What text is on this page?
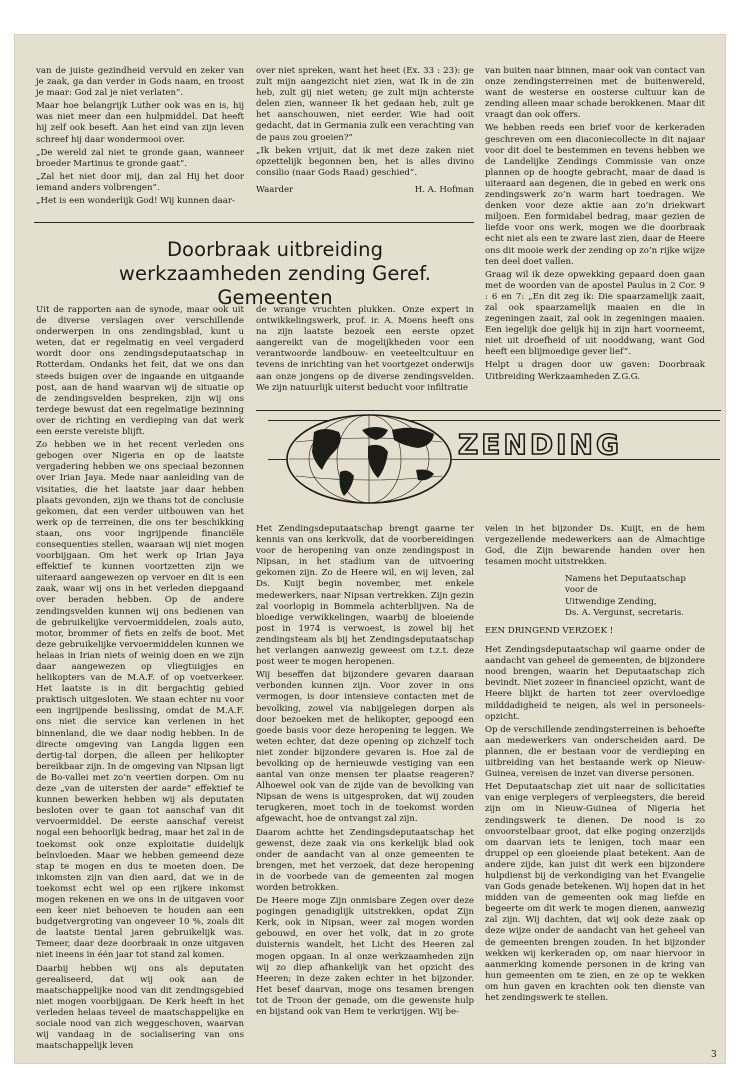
van de juiste gezindheid vervuld en zeker van je zaak, ga dan verder in Gods naam, en troost je maar: God zal je niet verlaten”.

Maar hoe belangrijk Luther ook was en is, hij was niet meer dan een hulpmiddel. Dat heeft hij zelf ook beseft. Aan het eind van zijn leven schreef hij daar wondermooi over.

„De wereld zal niet te gronde gaan, wanneer broeder Martinus te gronde gaat”.

„Zal het niet door mij, dan zal Hij het door iemand anders volbrengen”.

„Het is een wonderlijk God! Wij kunnen daar-

over niet spreken, want het heet (Ex. 33 : 23): ge zult mijn aangezicht niet zien, wat Ik in de zin heb, zult gij niet weten; ge zult mijn achterste delen zien, wanneer Ik het gedaan heb, zult ge het aanschouwen, niet eerder. Wie had ooit gedacht, dat in Germania zulk een verachting van de paus zou groeien?”

„Ik beken vrijuit, dat ik met deze zaken niet opzettelijk begonnen ben, het is alles divino consilio (naar Gods Raad) geschied”.

Waarder	H. A. Hofman

van buiten naar binnen, maar ook van contact van onze zendingsterreinen met de buitenwereld, want de westerse en oosterse cultuur kan de zending alleen maar schade berokkenen. Maar dit vraagt dan ook offers.

We hebben reeds een brief voor de kerkeraden geschreven om een diaconiecollecte in dit najaar voor dit doel te bestemmen en tevens hebben we de Landelijke Zendings Commissie van onze plannen op de hoogte gebracht, maar de daad is uiteraard aan degenen, die in gebed en werk ons zendingswerk zo’n warm hart toedragen. We denken voor deze aktie aan zo’n driekwart miljoen. Een formidabel bedrag, maar gezien de liefde voor ons werk, mogen we die doorbraak echt niet als een te zware last zien, daar de Heere ons dit mooie werk der zending op zo’n rijke wijze ten deel doet vallen.

Graag wil ik deze opwekking gepaard doen gaan met de woorden van de apostel Paulus in 2 Cor. 9 : 6 en 7: „En dit zeg ik: Die spaarzamelijk zaait, zal ook spaarzamelijk maaien en die in zegeningen zaait, zal ook in zegeningen maaien. Een iegelijk doe gelijk hij in zijn hart voorneemt, niet uit droefheid of uit nooddwang, want God heeft een blijmoedige gever lief”.

Helpt u dragen door uw gaven: Doorbraak Uitbreiding Werkzaamheden Z.G.G.

Doorbraak uitbreiding werkzaamheden zending Geref. Gemeenten

Uit de rapporten aan de synode, maar ook uit de diverse verslagen over verschillende onderwerpen in ons zendingsblad, kunt u weten, dat er regelmatig en veel vergaderd wordt door ons zendingsdeputaatschap in Rotterdam. Ondanks het feit, dat we ons dan steeds buigen over de ingaande en uitgaande post, aan de hand waarvan wij de situatie op de zendingsvelden bespreken, zijn wij ons terdege bewust dat een regelmatige bezinning over de richting en verdieping van dat werk een eerste vereiste blijft.

Zo hebben we in het recent verleden ons gebogen over Nigeria en op de laatste vergadering hebben we ons speciaal bezonnen over Irian Jaya. Mede naar aanleiding van de visitaties, die het laatste jaar daar hebben plaats gevonden, zijn we thans tot de conclusie gekomen, dat een verder uitbouwen van het werk op de terreinen, die ons ter beschikking staan, ons voor ingrijpende financiële consequenties stellen, waaraan wij niet mogen voorbijgaan. Om het werk op Irian Jaya effektief te kunnen voortzetten zijn we uiteraard aangewezen op vervoer en dit is een zaak, waar wij ons in het verleden diepgaand over beraden hebben. Op de andere zendingsvelden kunnen wij ons bedienen van de gebruikelijke vervoermiddelen, zoals auto, motor, brommer of fiets en zelfs de boot. Met deze gebruikelijke vervoermiddelen kunnen we helaas in Irian niets of weinig doen en we zijn daar aangewezen op vliegtuigjes en helikopters van de M.A.F. of op voetverkeer. Het laatste is in dit bergachtig gebied praktisch uitgesloten. We staan echter nu voor een ingrijpende beslissing, omdat de M.A.F. ons niet die service kan verlenen in het binnenland, die we daar nodig hebben. In de directe omgeving van Langda liggen een dertig-tal dorpen, die alleen per helikopter bereikbaar zijn. In de omgeving van Nipsan ligt de Bo-vallei met zo’n veertien dorpen. Om nu deze „van de uitersten der aarde” effektief te kunnen bewerken hebben wij als deputaten besloten over te gaan tot aanschaf van dit vervoermiddel. De eerste aanschaf vereist nogal een behoorlijk bedrag, maar het zal in de toekomst ook onze exploitatie duidelijk beïnvloeden. Maar we hebben gemeend deze stap te mogen en dus te moeten doen. De inkomsten zijn van dien aard, dat we in de toekomst echt wel op een rijkere inkomst mogen rekenen en we ons in de uitgaven voor een keer niet behoeven te houden aan een budgetvergroting van ongeveer 10 %, zoals dit de laatste tiental jaren gebruikelijk was. Temeer, daar deze doorbraak in onze uitgaven niet ineens in één jaar tot stand zal komen.

Daarbij hebben wij ons als deputaten gerealiseerd, dat wij ook aan de maatschappelijke nood van dit zendingsgebied niet mogen voorbijgaan. De Kerk heeft in het verleden helaas teveel de maatschappelijke en sociale nood van zich weggeschoven, waarvan wij vandaag in de socialisering van ons maatschappelijk leven

de wrange vruchten plukken. Onze expert in ontwikkelingswerk, prof. ir. A. Moens heeft ons na zijn laatste bezoek een eerste opzet aangereikt van de mogelijkheden voor een verantwoorde landbouw- en veeteeltcultuur en tevens de inrichting van het voortgezet onderwijs aan onze jongens op de diverse zendingsvelden. We zijn natuurlijk uiterst beducht voor infiltratie

ZENDING

Het Zendingsdeputaatschap brengt gaarne ter kennis van ons kerkvolk, dat de voorbereidingen voor de heropening van onze zendingspost in Nipsan, in het stadium van de uitvoering gekomen zijn. Zo de Heere wil, en wij leven, zal Ds. Kuijt begin november, met enkele medewerkers, naar Nipsan vertrekken. Zijn gezin zal voorlopig in Bommela achterblijven. Na de bloedige verwikkelingen, waarbij de bloeiende post in 1974 is verwoest, is zowel bij het zendingsteam als bij het Zendingsdeputaatschap het verlangen aanwezig geweest om t.z.t. deze post weer te mogen heropenen.

Wij beseffen dat bijzondere gevaren daaraan verbonden kunnen zijn. Voor zover in ons vermogen, is door intensieve contacten met de bevolking, zowel via nabijgelegen dorpen als door bezoeken met de helikopter, gepoogd een goede basis voor deze heropening te leggen. We weten echter, dat deze opening op zichzelf toch niet zonder bijzondere gevaren is. Hoe zal de bevolking op de hernieuwde vestiging van een aantal van onze mensen ter plaatse reageren? Alhoewel ook van de zijde van de bevolking van Nipsan de wens is uitgesproken, dat wij zouden terugkeren, moet toch in de toekomst worden afgewacht, hoe de ontvangst zal zijn.

Daarom achtte het Zendingsdeputaatschap het gewenst, deze zaak via ons kerkelijk blad ook onder de aandacht van al onze gemeenten te brengen, met het verzoek, dat deze heropening in de voorbede van de gemeenten zal mogen worden betrokken.

De Heere moge Zijn onmisbare Zegen over deze pogingen genadiglijk uitstrekken, opdat Zijn Kerk, ook in Nipsan, weer zal mogen worden gebouwd, en over het volk, dat in zo grote duisternis wandelt, het Licht des Heeren zal mogen opgaan. In al onze werkzaamheden zijn wij zo diep afhankelijk van het opzicht des Heeren; in deze zaken echter in het bijzonder. Het besef daarvan, moge ons tesamen brengen tot de Troon der genade, om die gewenste hulp en bijstand ook van Hem te verkrijgen. Wij be-

velen in het bijzonder Ds. Kuijt, en de hem vergezellende medewerkers aan de Almachtige God, die Zijn bewarende handen over hen tesamen mocht uitstrekken.

Namens het Deputaatschap voor de
Uitwendige Zending,
Ds. A. Vergunst, secretaris.

EEN DRINGEND VERZOEK !

Het Zendingsdeputaatschap wil gaarne onder de aandacht van geheel de gemeenten, de bijzondere nood brengen, waarin het Deputaatschap zich bevindt. Niet zozeer in financieel opzicht, want de Heere blijkt de harten tot zeer overvloedige milddadigheid te neigen, als wel in personeels-opzicht.

Op de verschillende zendingsterreinen is behoefte aan medewerkers van onderscheiden aard. De plannen, die er bestaan voor de verdieping en uitbreiding van het bestaande werk op Nieuw-Guinea, vereisen de inzet van diverse personen.

Het Deputaatschap ziet uit naar de sollicitaties van enige verplegers of verpleegsters, die bereid zijn om in Nieuw-Guinea of Nigeria het zendingswerk te dienen. De nood is zo onvoorstelbaar groot, dat elke poging onzerzijds om daarvan iets te lenigen, toch maar een druppel op een gloeiende plaat betekent. Aan de andere zijde, kan juist dit werk een bijzondere hulpdienst bij de verkondiging van het Evangelie van Gods genade betekenen. Wij hopen dat in het midden van de gemeenten ook mag liefde en begeerte om dit werk te mogen dienen, aanwezig zal zijn. Wij dachten, dat wij ook deze zaak op deze wijze onder de aandacht van het geheel van de gemeenten brengen zouden. In het bijzonder wekken wij kerkeraden op, om naar hiervoor in aanmerking komende personen in de kring van hun gemeenten om te zien, en ze op te wekken om hun gaven en krachten ook ten dienste van het zendingswerk te stellen.

3
